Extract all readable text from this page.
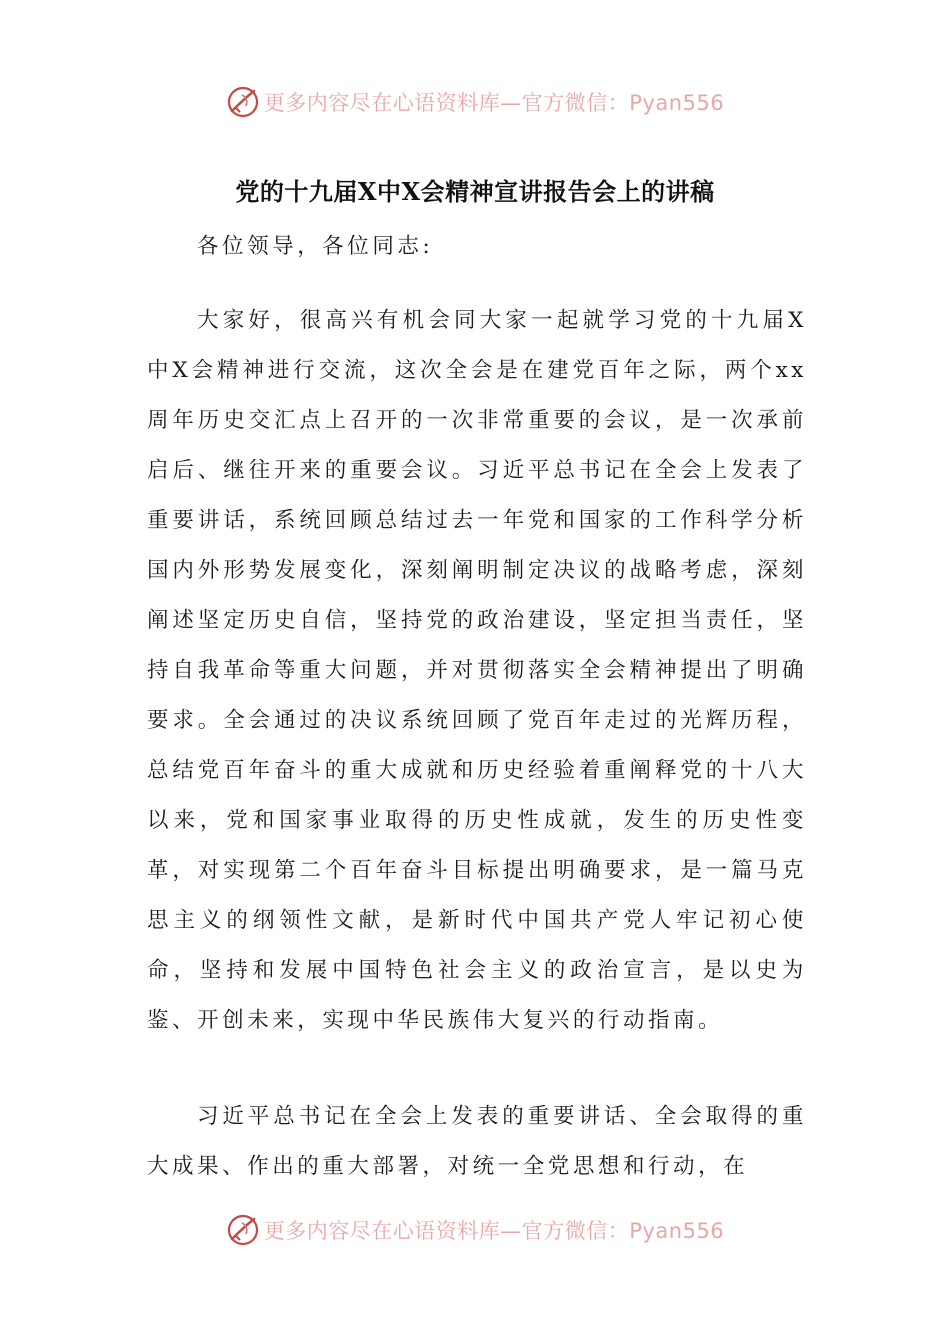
更多内容尽在心语资料库—官方微信：Pyan556
党的十九届X中X会精神宣讲报告会上的讲稿

各位领导，各位同志:

大家好，很高兴有机会同大家一起就学习党的十九届X中X会精神进行交流，这次全会是在建党百年之际，两个xx周年历史交汇点上召开的一次非常重要的会议，是一次承前启后、继往开来的重要会议。习近平总书记在全会上发表了重要讲话，系统回顾总结过去一年党和国家的工作科学分析国内外形势发展变化，深刻阐明制定决议的战略考虑，深刻阐述坚定历史自信，坚持党的政治建设，坚定担当责任，坚持自我革命等重大问题，并对贯彻落实全会精神提出了明确要求。全会通过的决议系统回顾了党百年走过的光辉历程，总结党百年奋斗的重大成就和历史经验着重阐释党的十八大以来，党和国家事业取得的历史性成就，发生的历史性变革，对实现第二个百年奋斗目标提出明确要求，是一篇马克思主义的纲领性文献，是新时代中国共产党人牢记初心使命，坚持和发展中国特色社会主义的政治宣言，是以史为鉴、开创未来，实现中华民族伟大复兴的行动指南。

习近平总书记在全会上发表的重要讲话、全会取得的重大成果、作出的重大部署，对统一全党思想和行动，在

更多内容尽在心语资料库—官方微信：Pyan556
